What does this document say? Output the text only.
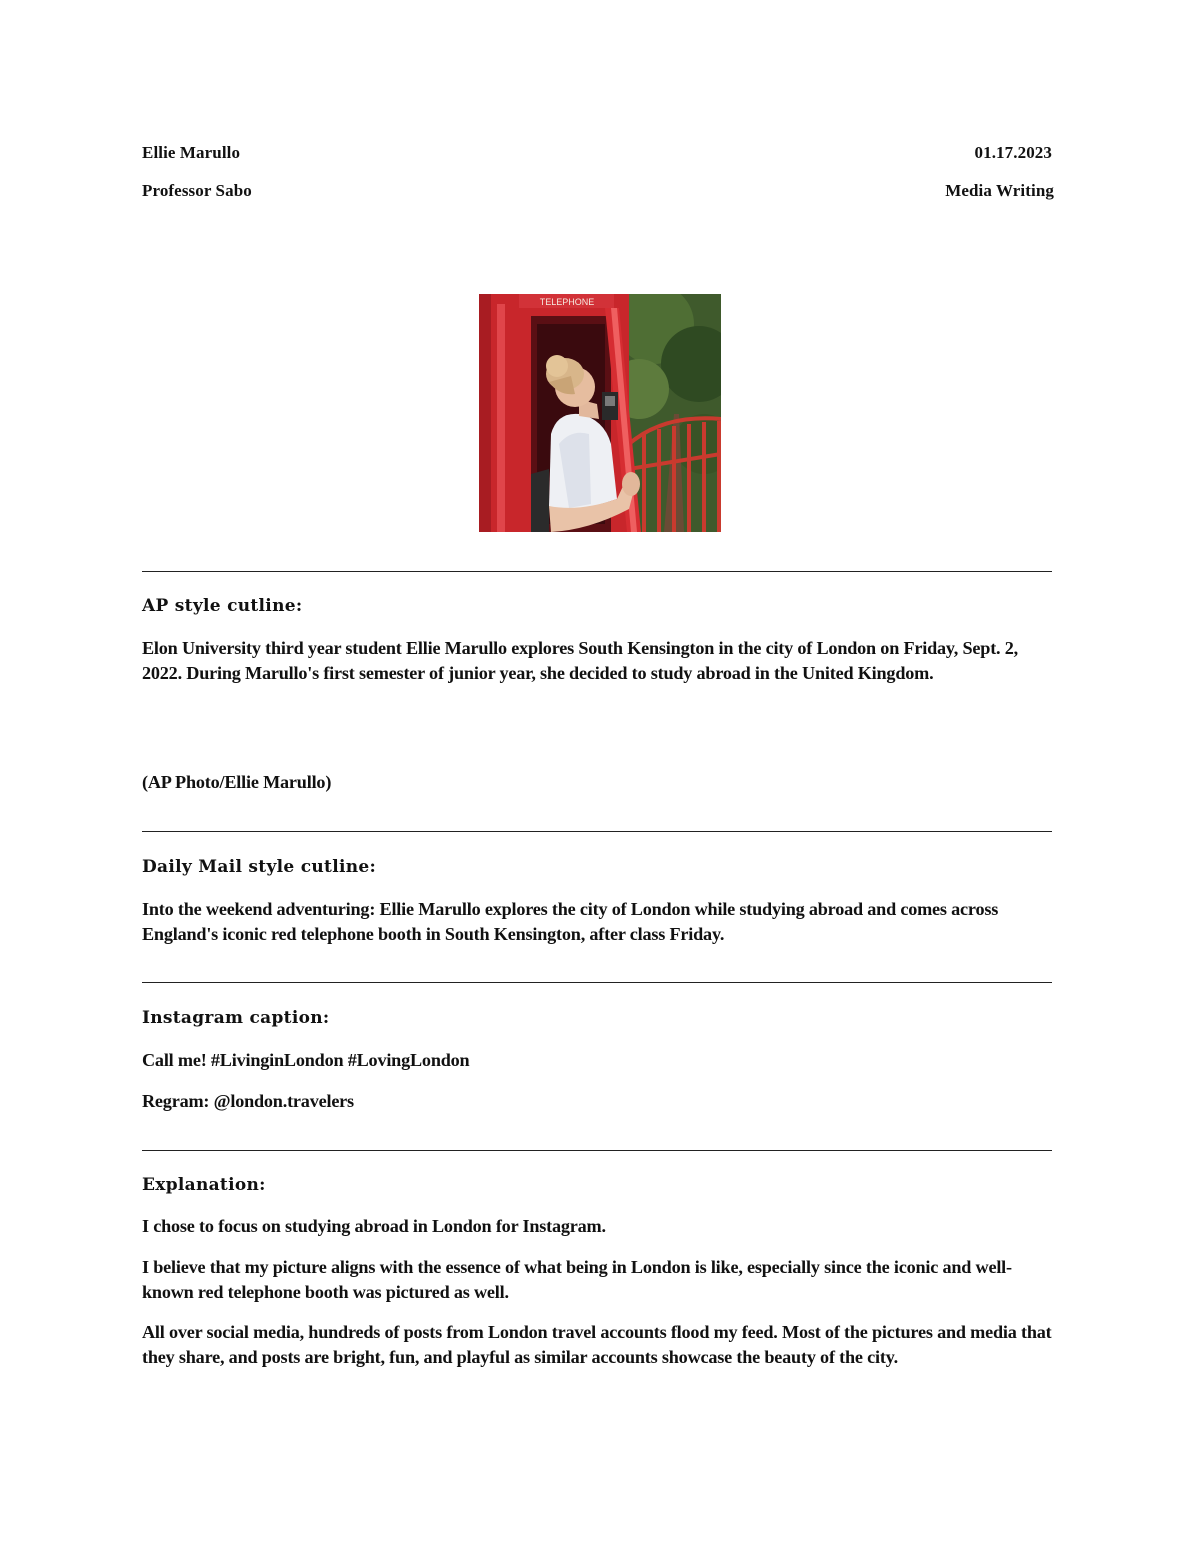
Ellie Marullo	01.17.2023
Professor Sabo	Media Writing
TELEPHONE
AP style cutline:
Elon University third year student Ellie Marullo explores South Kensington in the city of London on Friday, Sept. 2, 2022. During Marullo's first semester of junior year, she decided to study abroad in the United Kingdom.
(AP Photo/Ellie Marullo)
Daily Mail style cutline:
Into the weekend adventuring: Ellie Marullo explores the city of London while studying abroad and comes across England's iconic red telephone booth in South Kensington, after class Friday.
Instagram caption:
Call me! #LivinginLondon #LovingLondon
Regram: @london.travelers
Explanation:
I chose to focus on studying abroad in London for Instagram.
I believe that my picture aligns with the essence of what being in London is like, especially since the iconic and well-known red telephone booth was pictured as well.
All over social media, hundreds of posts from London travel accounts flood my feed. Most of the pictures and media that they share, and posts are bright, fun, and playful as similar accounts showcase the beauty of the city.
